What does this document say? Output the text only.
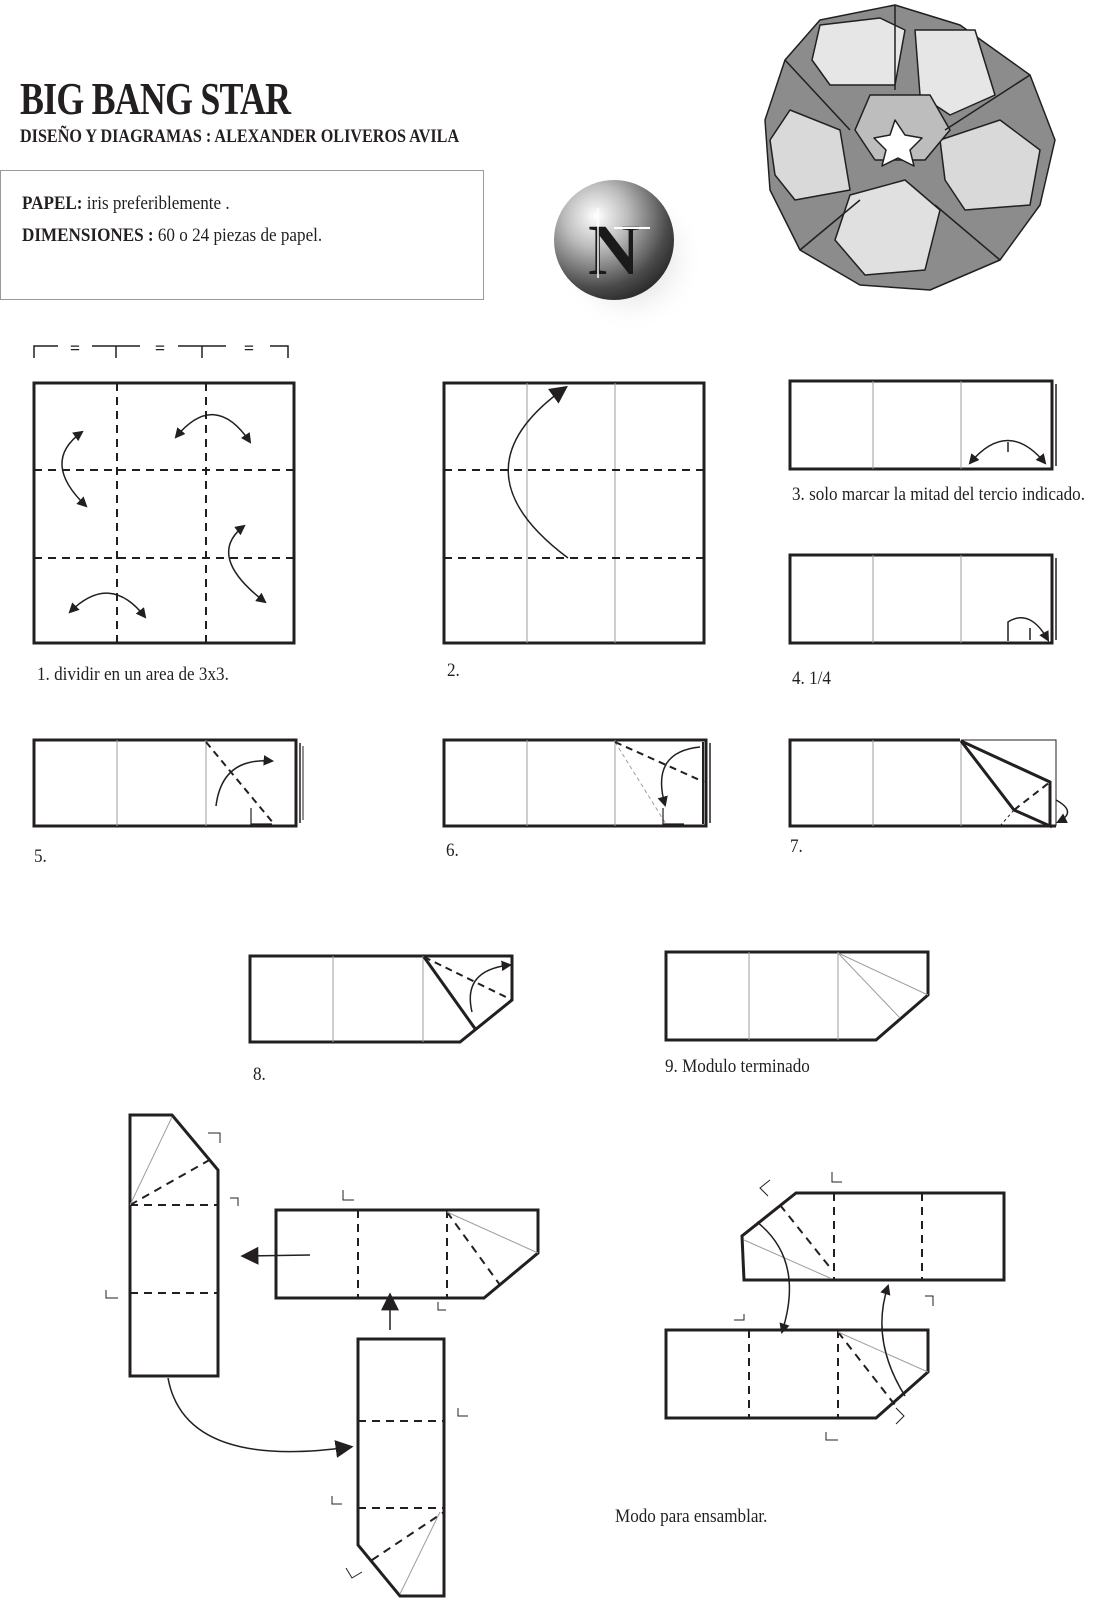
BIG BANG STAR
DISEÑO Y DIAGRAMAS : ALEXANDER OLIVEROS AVILA
PAPEL: iris preferiblemente .
DIMENSIONES : 60 o 24 piezas de papel.	N
=	=	=
1. dividir en un area de 3x3.	2.
3. solo marcar la mitad del tercio indicado.
4. 1/4
5.	6.	7.
8.	9. Modulo terminado
Modo para ensamblar.
